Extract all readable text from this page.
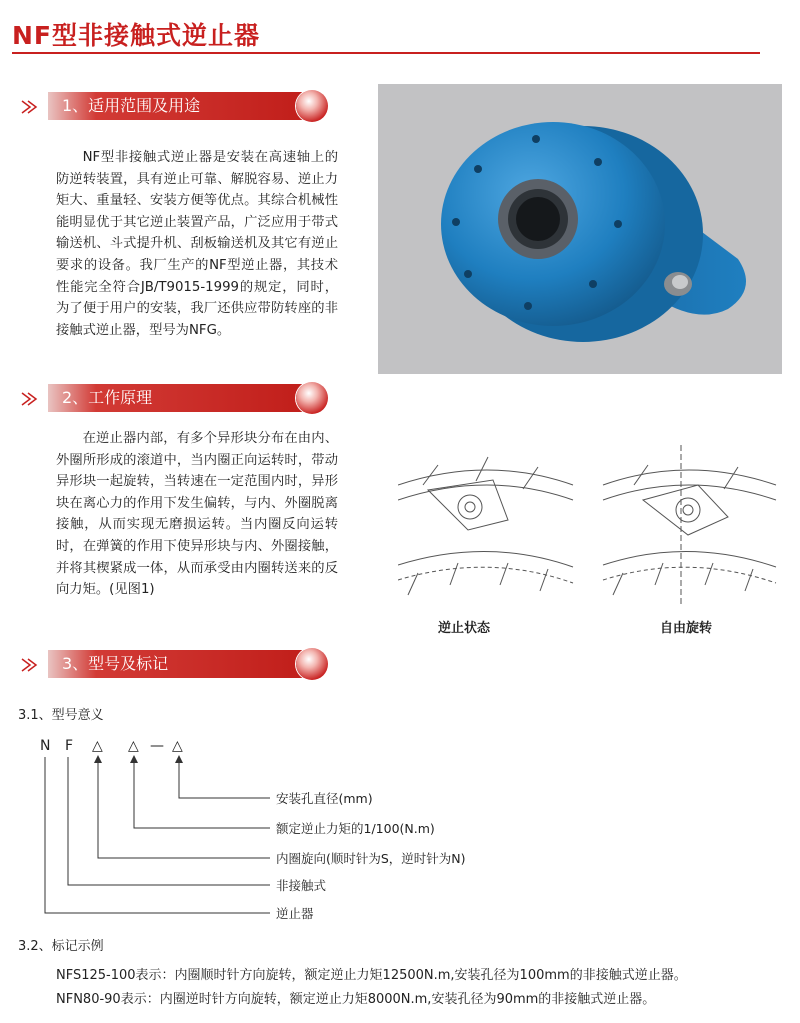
NF型非接触式逆止器
1、适用范围及用途

NF型非接触式逆止器是安装在高速轴上的防逆转装置，具有逆止可靠、解脱容易、逆止力矩大、重量轻、安装方便等优点。其综合机械性能明显优于其它逆止装置产品，广泛应用于带式输送机、斗式提升机、刮板输送机及其它有逆止要求的设备。我厂生产的NF型逆止器，其技术性能完全符合JB/T9015-1999的规定，同时，为了便于用户的安装，我厂还供应带防转座的非接触式逆止器，型号为NFG。

2、工作原理

在逆止器内部，有多个异形块分布在由内、外圈所形成的滚道中，当内圈正向运转时，带动异形块一起旋转，当转速在一定范围内时，异形块在离心力的作用下发生偏转，与内、外圈脱离接触，从而实现无磨损运转。当内圈反向运转时，在弹簧的作用下使异形块与内、外圈接触，并将其楔紧成一体，从而承受由内圈转送来的反向力矩。(见图1)

逆止状态	自由旋转
3、型号及标记
3.1、型号意义
N F △ △ — △
安装孔直径(mm)
额定逆止力矩的1/100(N.m)
内圈旋向(顺时针为S，逆时针为N)
非接触式
逆止器
3.2、标记示例
NFS125-100表示：内圈顺时针方向旋转，额定逆止力矩12500N.m,安装孔径为100mm的非接触式逆止器。
NFN80-90表示：内圈逆时针方向旋转，额定逆止力矩8000N.m,安装孔径为90mm的非接触式逆止器。
